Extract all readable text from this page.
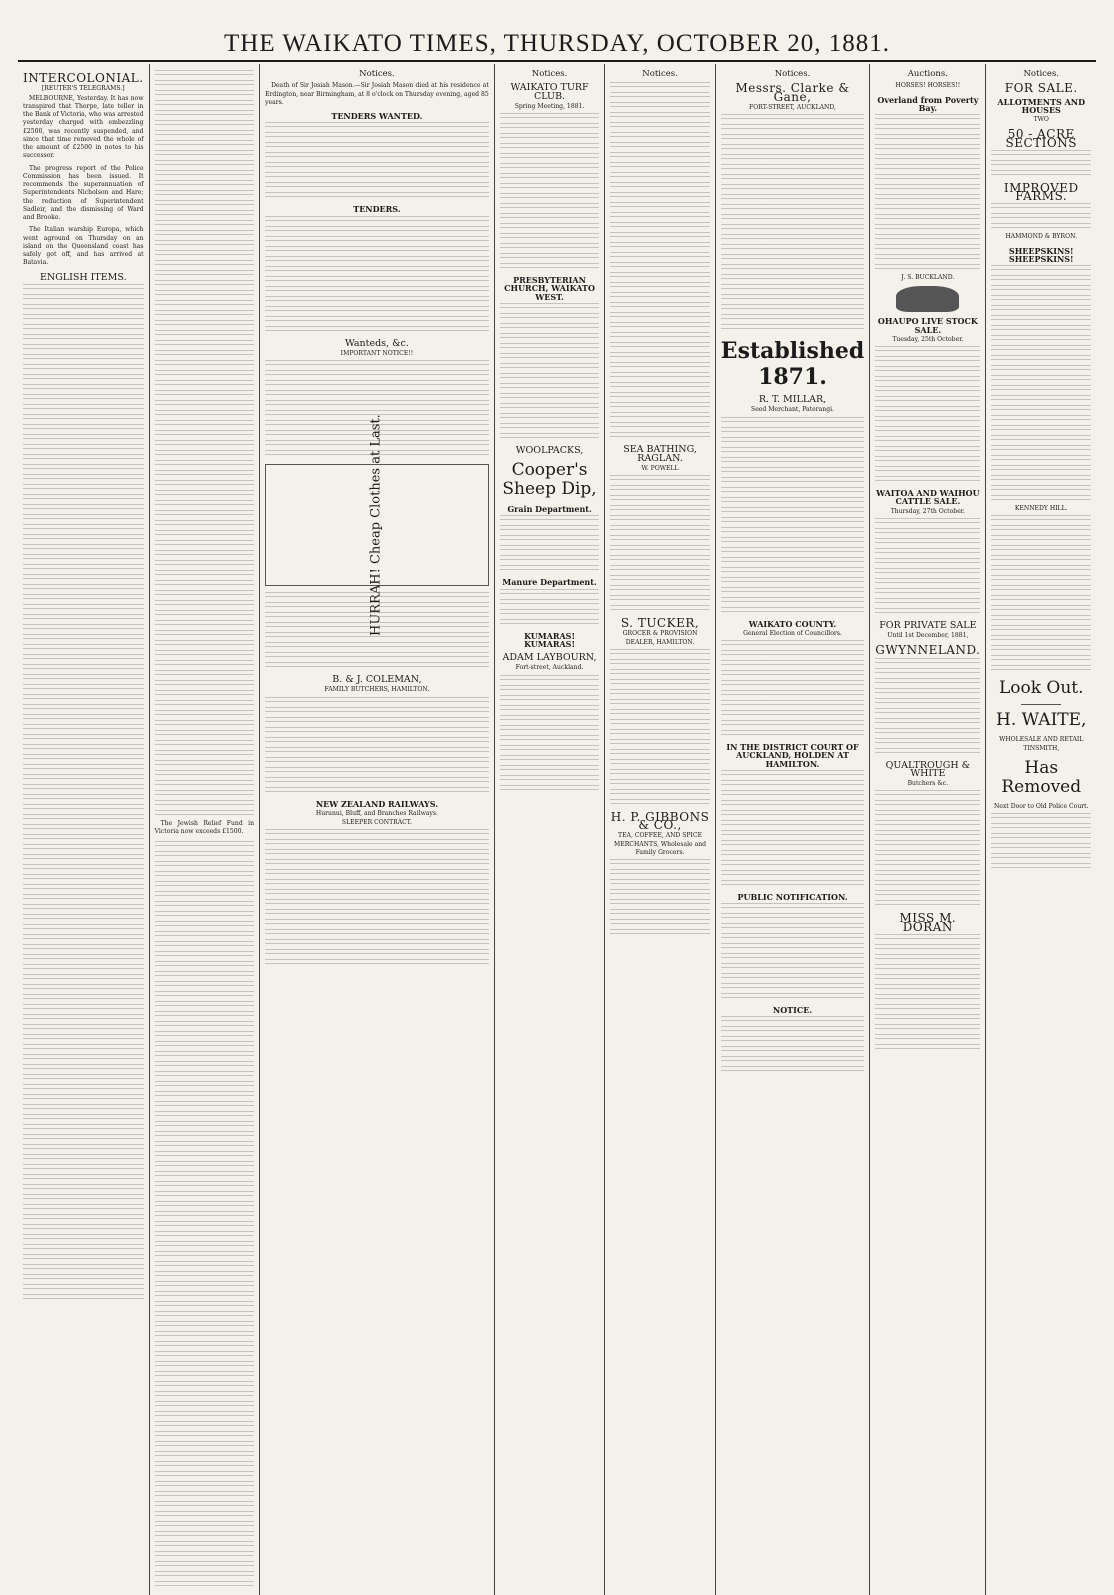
THE WAIKATO TIMES, THURSDAY, OCTOBER 20, 1881.
INTERCOLONIAL.
[REUTER'S TELEGRAMS.]

MELBOURNE, Yesterday. It has now transpired that Thorpe, late teller in the Bank of Victoria, who was arrested yesterday charged with embezzling £2500, was recently suspended, and since that time removed the whole of the amount of £2500 in notes to his successor.

The progress report of the Police Commission has been issued. It recommends the superannuation of Superintendents Nicholson and Hare; the reduction of Superintendent Sadleir, and the dismissing of Ward and Brooke.

The Italian warship Europa, which went aground on Thursday on an island on the Queensland coast has safely got off, and has arrived at Batavia.

ENGLISH ITEMS.

The Jewish Relief Fund in Victoria now exceeds £1500.

Notices.

Death of Sir Josiah Mason.—Sir Josiah Mason died at his residence at Erdington, near Birmingham, at 8 o'clock on Thursday evening, aged 85 years.

TENDERS WANTED.
TENDERS.
Wanteds, &c.
IMPORTANT NOTICE!!
HURRAH! Cheap Clothes at Last.
B. & J. COLEMAN,
FAMILY BUTCHERS, HAMILTON.
NEW ZEALAND RAILWAYS.
Hurunui, Bluff, and Branches Railways.
SLEEPER CONTRACT.
Notices.
WAIKATO TURF CLUB.
Spring Meeting, 1881.
PRESBYTERIAN CHURCH, WAIKATO WEST.
WOOLPACKS,
Cooper's Sheep Dip,
Grain Department.
Manure Department.
KUMARAS! KUMARAS!
ADAM LAYBOURN,
Fort-street, Auckland.
Notices.
SEA BATHING, RAGLAN.
W. POWELL
S. TUCKER,
GROCER & PROVISION DEALER, HAMILTON.
H. P. GIBBONS & CO.,
TEA, COFFEE, AND SPICE MERCHANTS, Wholesale and Family Grocers.
Notices.
Messrs. Clarke & Gane,
FORT-STREET, AUCKLAND,
Established 1871.
R. T. MILLAR,
Seed Merchant, Paterangi.
WAIKATO COUNTY.
General Election of Councillors.
IN THE DISTRICT COURT OF AUCKLAND, HOLDEN AT HAMILTON.
PUBLIC NOTIFICATION.
NOTICE.
Auctions.
HORSES! HORSES!!
Overland from Poverty Bay.
J. S. BUCKLAND.
OHAUPO LIVE STOCK SALE.
Tuesday, 25th October.
WAITOA AND WAIHOU CATTLE SALE.
Thursday, 27th October.
FOR PRIVATE SALE
Until 1st December, 1881,
GWYNNELAND.
QUALTROUGH & WHITE
Butchers &c.
MISS M. DORAN
Notices.
FOR SALE.
ALLOTMENTS AND HOUSES
TWO
50 - ACRE SECTIONS
IMPROVED FARMS.
HAMMOND & BYRON.
SHEEPSKINS! SHEEPSKINS!
KENNEDY HILL.
Look Out.
H. WAITE,
WHOLESALE AND RETAIL TINSMITH,
Has Removed
Next Door to Old Police Court.
